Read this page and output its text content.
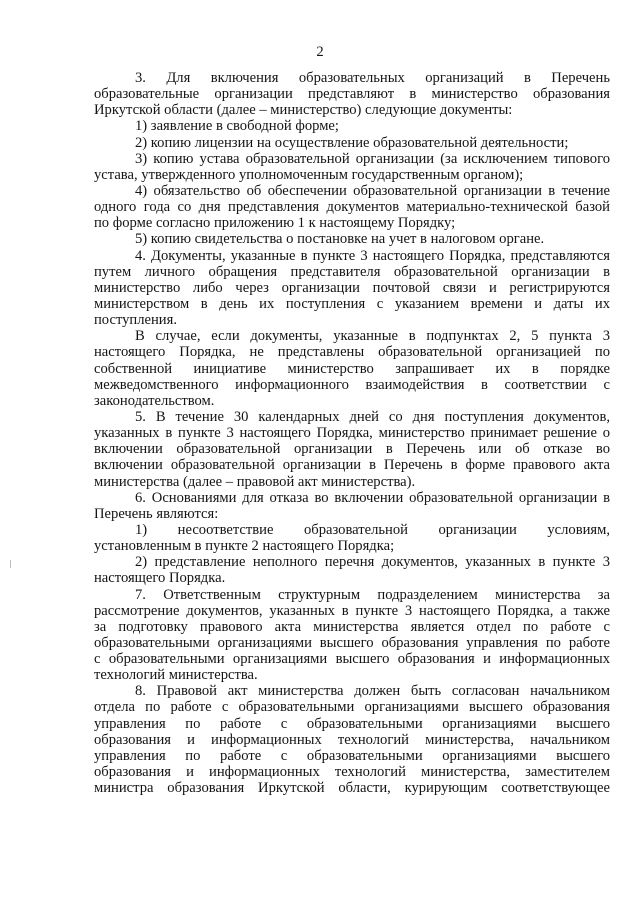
2
3. Для включения образовательных организаций в Перечень
образовательные организации представляют в министерство образования
Иркутской области (далее – министерство) следующие документы:
1) заявление в свободной форме;
2) копию лицензии на осуществление образовательной деятельности;
3) копию устава образовательной организации (за исключением типового
устава, утвержденного уполномоченным государственным органом);
4) обязательство об обеспечении образовательной организации в течение
одного года со дня представления документов материально-технической базой
по форме согласно приложению 1 к настоящему Порядку;
5) копию свидетельства о постановке на учет в налоговом органе.
4. Документы, указанные в пункте 3 настоящего Порядка, представляются
путем личного обращения представителя образовательной организации в
министерство либо через организации почтовой связи и регистрируются
министерством в день их поступления с указанием времени и даты их
поступления.
В случае, если документы, указанные в подпунктах 2, 5 пункта 3
настоящего Порядка, не представлены образовательной организацией по
собственной инициативе министерство запрашивает их в порядке
межведомственного информационного взаимодействия в соответствии с
законодательством.
5. В течение 30 календарных дней со дня поступления документов,
указанных в пункте 3 настоящего Порядка, министерство принимает решение о
включении образовательной организации в Перечень или об отказе во
включении образовательной организации в Перечень в форме правового акта
министерства (далее – правовой акт министерства).
6. Основаниями для отказа во включении образовательной организации в
Перечень являются:
1) несоответствие образовательной организации условиям,
установленным в пункте 2 настоящего Порядка;
2) представление неполного перечня документов, указанных в пункте 3
настоящего Порядка.
7. Ответственным структурным подразделением министерства за
рассмотрение документов, указанных в пункте 3 настоящего Порядка, а также
за подготовку правового акта министерства является отдел по работе с
образовательными организациями высшего образования управления по работе
с образовательными организациями высшего образования и информационных
технологий министерства.
8. Правовой акт министерства должен быть согласован начальником
отдела по работе с образовательными организациями высшего образования
управления по работе с образовательными организациями высшего
образования и информационных технологий министерства, начальником
управления по работе с образовательными организациями высшего
образования и информационных технологий министерства, заместителем
министра образования Иркутской области, курирующим соответствующее
